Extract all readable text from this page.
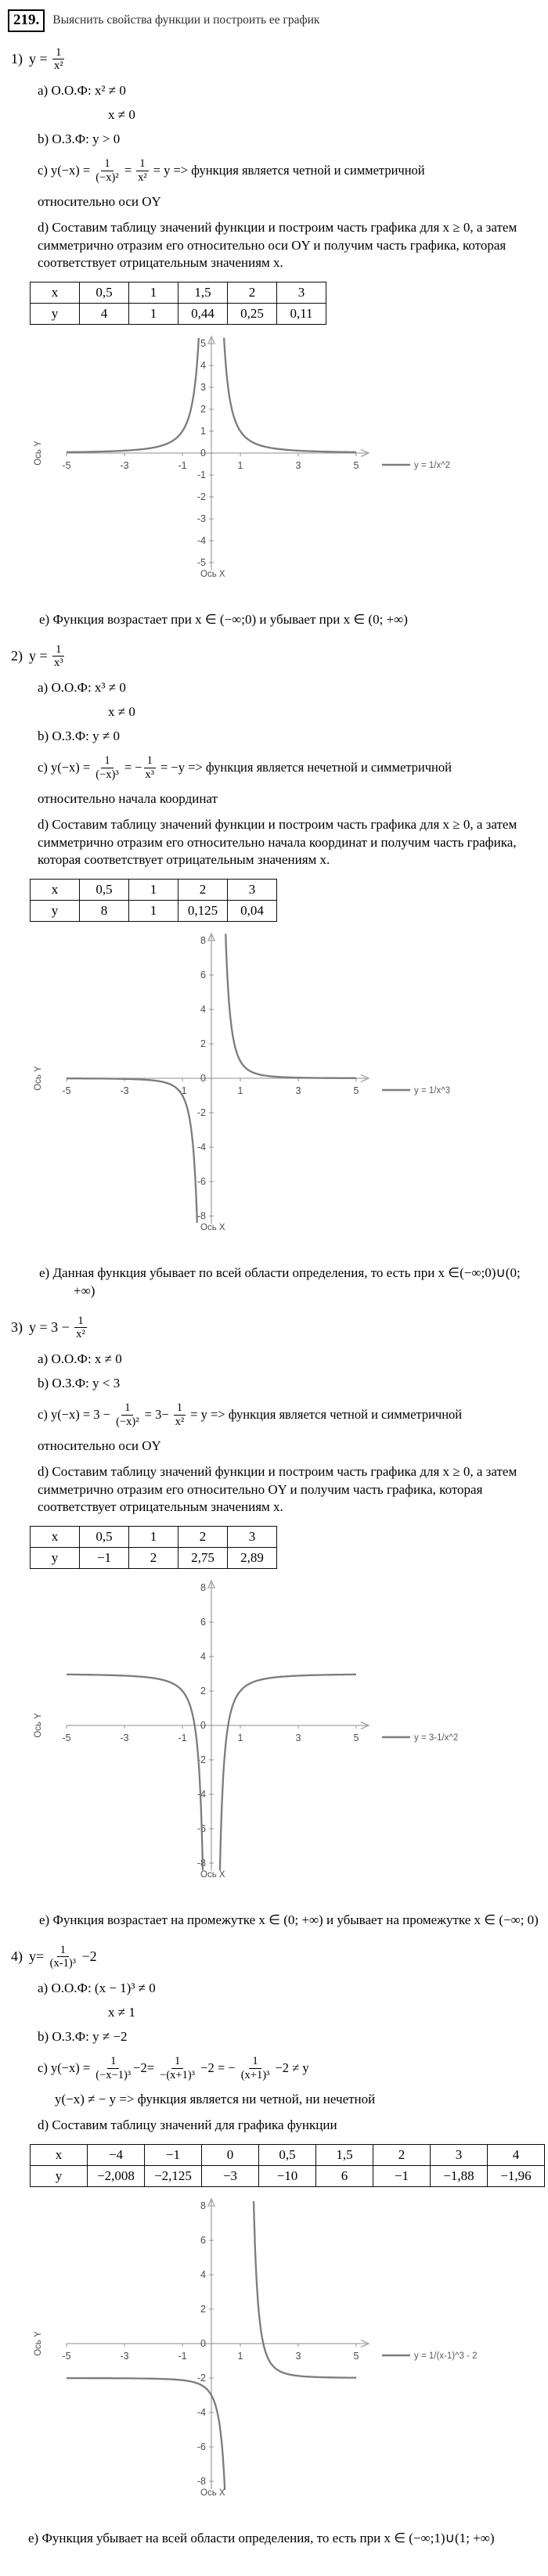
219.	Выяснить свойства функции и построить ее график
1) $y = \frac{1}{\text{x²}}$
a) О.О.Ф: x² ≠ 0
x ≠ 0
b) О.З.Ф: y > 0
c) $y(-x) = \frac{1}{\text{(−x)²}} = \frac{1}{\text{x²}} = y$ => функция является четной и симметричной
относительно оси OY
d) Составим таблицу значений функции и построим часть графика для x ≥ 0, а затем симметрично отразим его относительно оси OY и получим часть графика, которая соответствует отрицательным значениям x.
x	0,5	1	1,5	2	3
y	4	1	0,44	0,25	0,11
-5	-3	-1	1	3	5
-5
-4
-3
-2
-1
0
1
2
3
4
5
y = 1/x^2
Ось Y
Ось X
e) Функция возрастает при x ∈ (−∞;0) и убывает при x ∈ (0; +∞)
2) $y = \frac{1}{\text{x³}}$
a) О.О.Ф: x³ ≠ 0
x ≠ 0
b) О.З.Ф: y ≠ 0
c) $y(-x) = \frac{1}{\text{(−x)³}}$ = − $\frac{1}{\text{x³}} = -y$ => функция является нечетной и симметричной
относительно начала координат
d) Составим таблицу значений функции и построим часть графика для x ≥ 0, а затем симметрично отразим его относительно начала координат и получим часть графика, которая соответствует отрицательным значениям x.
x	0,5	1	2	3
y	8	1	0,125	0,04
-5	-3	-1	1	3	5
-8
-6
-4
-2
0
2
4
6
8
y = 1/x^3
Ось Y
Ось X
e) Данная функция убывает по всей области определения, то есть при x ∈(−∞;0)∪(0; +∞)
3) $y = 3 - \frac{1}{\text{x²}}$
a) О.О.Ф: x ≠ 0
b) О.З.Ф: y < 3
c) $y(-x) = 3 - \frac{1}{\text{(−x)²}} = 3- \frac{1}{\text{x²}} = y$ => функция является четной и симметричной
относительно оси OY
d) Составим таблицу значений функции и построим часть графика для x ≥ 0, а затем симметрично отразим его относительно OY и получим часть графика, которая соответствует отрицательным значениям x.
x	0,5	1	2	3
y	−1	2	2,75	2,89
-5	-3	-1	1	3	5
-8
-6
-4
-2
0
2
4
6
8
y = 3-1/x^2
Ось Y
Ось X
e) Функция возрастает на промежутке x ∈ (0; +∞) и убывает на промежутке x ∈ (−∞; 0)
4) $y= \frac{1}{\text{(x-1)³}} -2$
a) О.О.Ф: (x − 1)³ ≠ 0
x ≠ 1
b) О.З.Ф: y ≠ −2
c) $y(-x) = \frac{1}{\text{(−x−1)³}} -2= \frac{1}{\text{−(x+1)³}} -2$ = − $\frac{1}{\text{(x+1)³}} -2 \ne y$
y(−x) ≠ − y => функция является ни четной, ни нечетной
d) Составим таблицу значений для графика функции
x	−4	−1	0	0,5	1,5	2	3	4
y	−2,008	−2,125	−3	−10	6	−1	−1,88	−1,96
-5	-3	-1	1	3	5
-8
-6
-4
-2
0
2
4
6
8
y = 1/(x-1)^3 - 2
Ось Y
Ось X
e) Функция убывает на всей области определения, то есть при x ∈ (−∞;1)∪(1; +∞)
